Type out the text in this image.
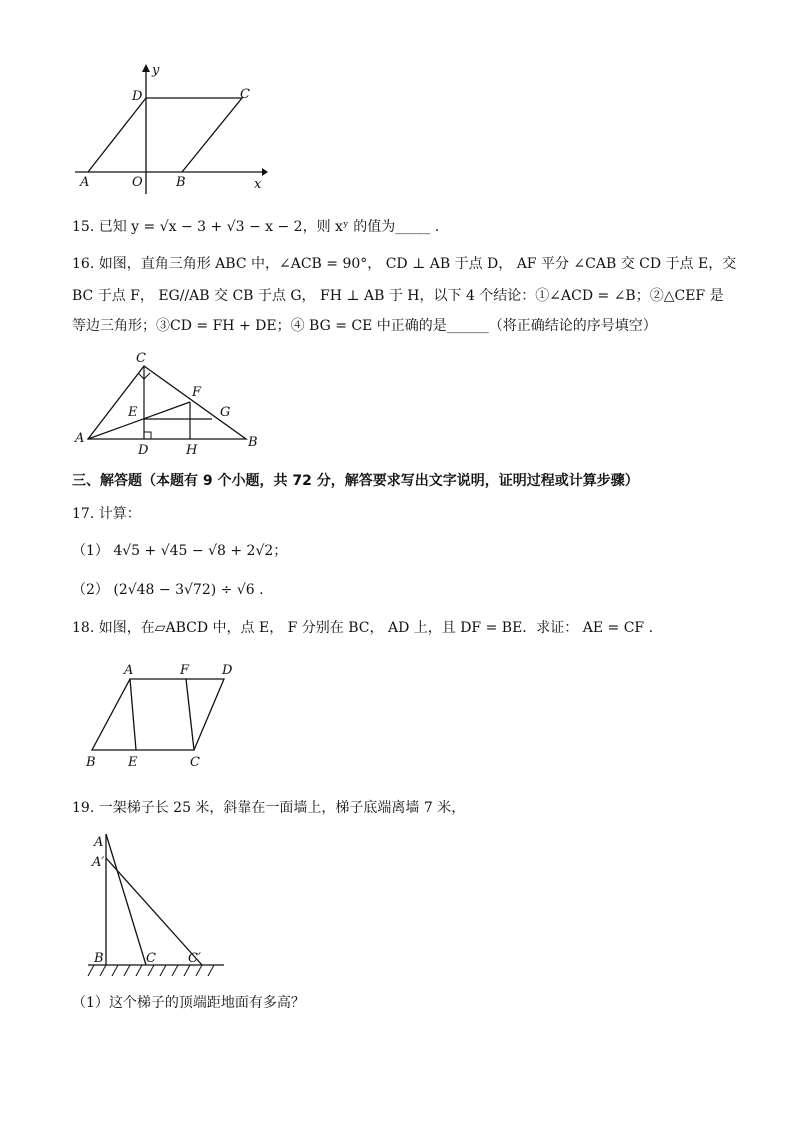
y
D	C
A	O	B	x
15. 已知 y = √x − 3 + √3 − x − 2，则 xʸ 的值为_____ .
16. 如图，直角三角形 ABC 中，∠ACB = 90°， CD ⊥ AB 于点 D， AF 平分 ∠CAB 交 CD 于点 E，交
BC 于点 F， EG//AB 交 CB 于点 G， FH ⊥ AB 于 H，以下 4 个结论：①∠ACD = ∠B；②△CEF 是
等边三角形；③CD = FH + DE；④ BG = CE 中正确的是______（将正确结论的序号填空）
C
F
E	G
A
D	H
B
三、解答题（本题有 9 个小题，共 72 分，解答要求写出文字说明，证明过程或计算步骤）
17. 计算：
（1） 4√5 + √45 − √8 + 2√2；
（2） (2√48 − 3√72) ÷ √6 .
18. 如图，在▱ABCD 中，点 E， F 分别在 BC， AD 上，且 DF = BE．求证： AE = CF .
A	F	D
B E	C
19. 一架梯子长 25 米，斜靠在一面墙上，梯子底端离墙 7 米，
A
A′
B	C C′
（1）这个梯子的顶端距地面有多高？
